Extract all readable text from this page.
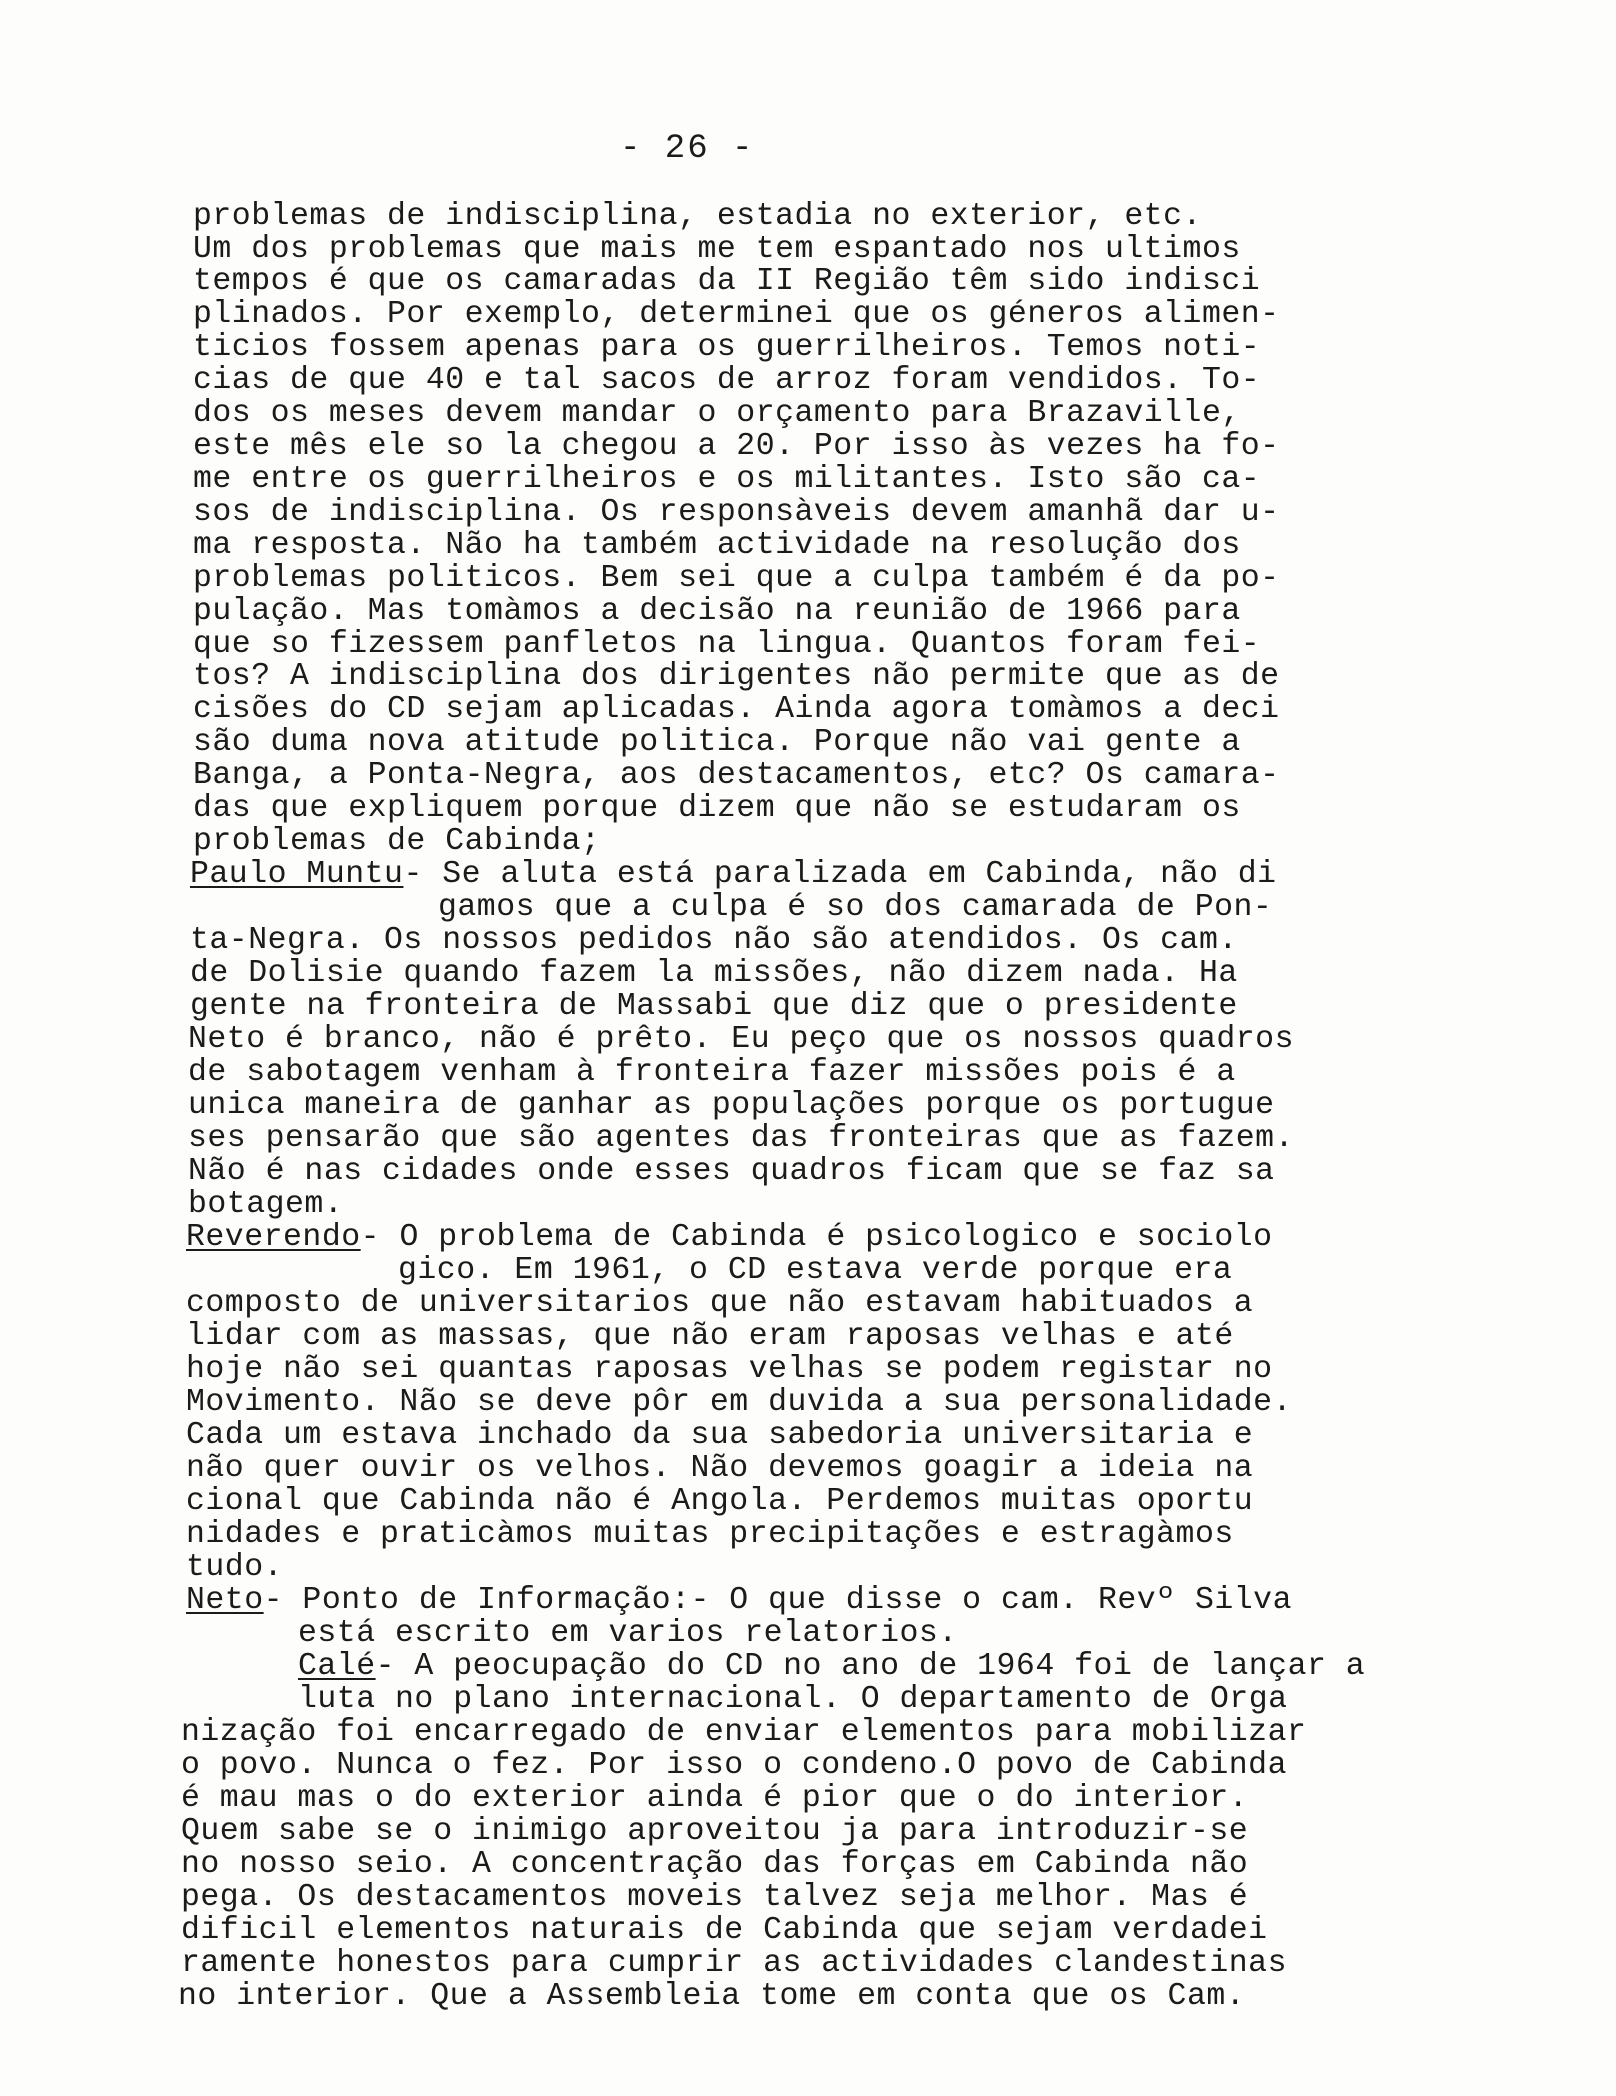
- 26 -
problemas de indisciplina, estadia no exterior, etc.
Um dos problemas que mais me tem espantado nos ultimos
tempos é que os camaradas da II Região têm sido indisci
plinados. Por exemplo, determinei que os géneros alimen-
ticios fossem apenas para os guerrilheiros. Temos noti-
cias de que 40 e tal sacos de arroz foram vendidos. To-
dos os meses devem mandar o orçamento para Brazaville,
este mês ele so la chegou a 20. Por isso às vezes ha fo-
me entre os guerrilheiros e os militantes. Isto são ca-
sos de indisciplina. Os responsàveis devem amanhã dar u-
ma resposta. Não ha também actividade na resolução dos
problemas politicos. Bem sei que a culpa também é da po-
pulação. Mas tomàmos a decisão na reunião de 1966 para
que so fizessem panfletos na lingua. Quantos foram fei-
tos? A indisciplina dos dirigentes não permite que as de
cisões do CD sejam aplicadas. Ainda agora tomàmos a deci
são duma nova atitude politica. Porque não vai gente a
Banga, a Ponta-Negra, aos destacamentos, etc? Os camara-
das que expliquem porque dizem que não se estudaram os
problemas de Cabinda;
Paulo Muntu- Se aluta está paralizada em Cabinda, não di
gamos que a culpa é so dos camarada de Pon-
ta-Negra. Os nossos pedidos não são atendidos. Os cam.
de Dolisie quando fazem la missões, não dizem nada. Ha
gente na fronteira de Massabi que diz que o presidente
Neto é branco, não é prêto. Eu peço que os nossos quadros
de sabotagem venham à fronteira fazer missões pois é a
unica maneira de ganhar as populações porque os portugue
ses pensarão que são agentes das fronteiras que as fazem.
Não é nas cidades onde esses quadros ficam que se faz sa
botagem.
Reverendo- O problema de Cabinda é psicologico e sociolo
gico. Em 1961, o CD estava verde porque era
composto de universitarios que não estavam habituados a
lidar com as massas, que não eram raposas velhas e até
hoje não sei quantas raposas velhas se podem registar no
Movimento. Não se deve pôr em duvida a sua personalidade.
Cada um estava inchado da sua sabedoria universitaria e
não quer ouvir os velhos. Não devemos goagir a ideia na
cional que Cabinda não é Angola. Perdemos muitas oportu
nidades e praticàmos muitas precipitações e estragàmos
tudo.
Neto- Ponto de Informação:- O que disse o cam. Revº Silva
está escrito em varios relatorios.
Calé- A peocupação do CD no ano de 1964 foi de lançar a
luta no plano internacional. O departamento de Orga
nização foi encarregado de enviar elementos para mobilizar
o povo. Nunca o fez. Por isso o condeno.O povo de Cabinda
é mau mas o do exterior ainda é pior que o do interior.
Quem sabe se o inimigo aproveitou ja para introduzir-se
no nosso seio. A concentração das forças em Cabinda não
pega. Os destacamentos moveis talvez seja melhor. Mas é
dificil elementos naturais de Cabinda que sejam verdadei
ramente honestos para cumprir as actividades clandestinas
no interior. Que a Assembleia tome em conta que os Cam.
